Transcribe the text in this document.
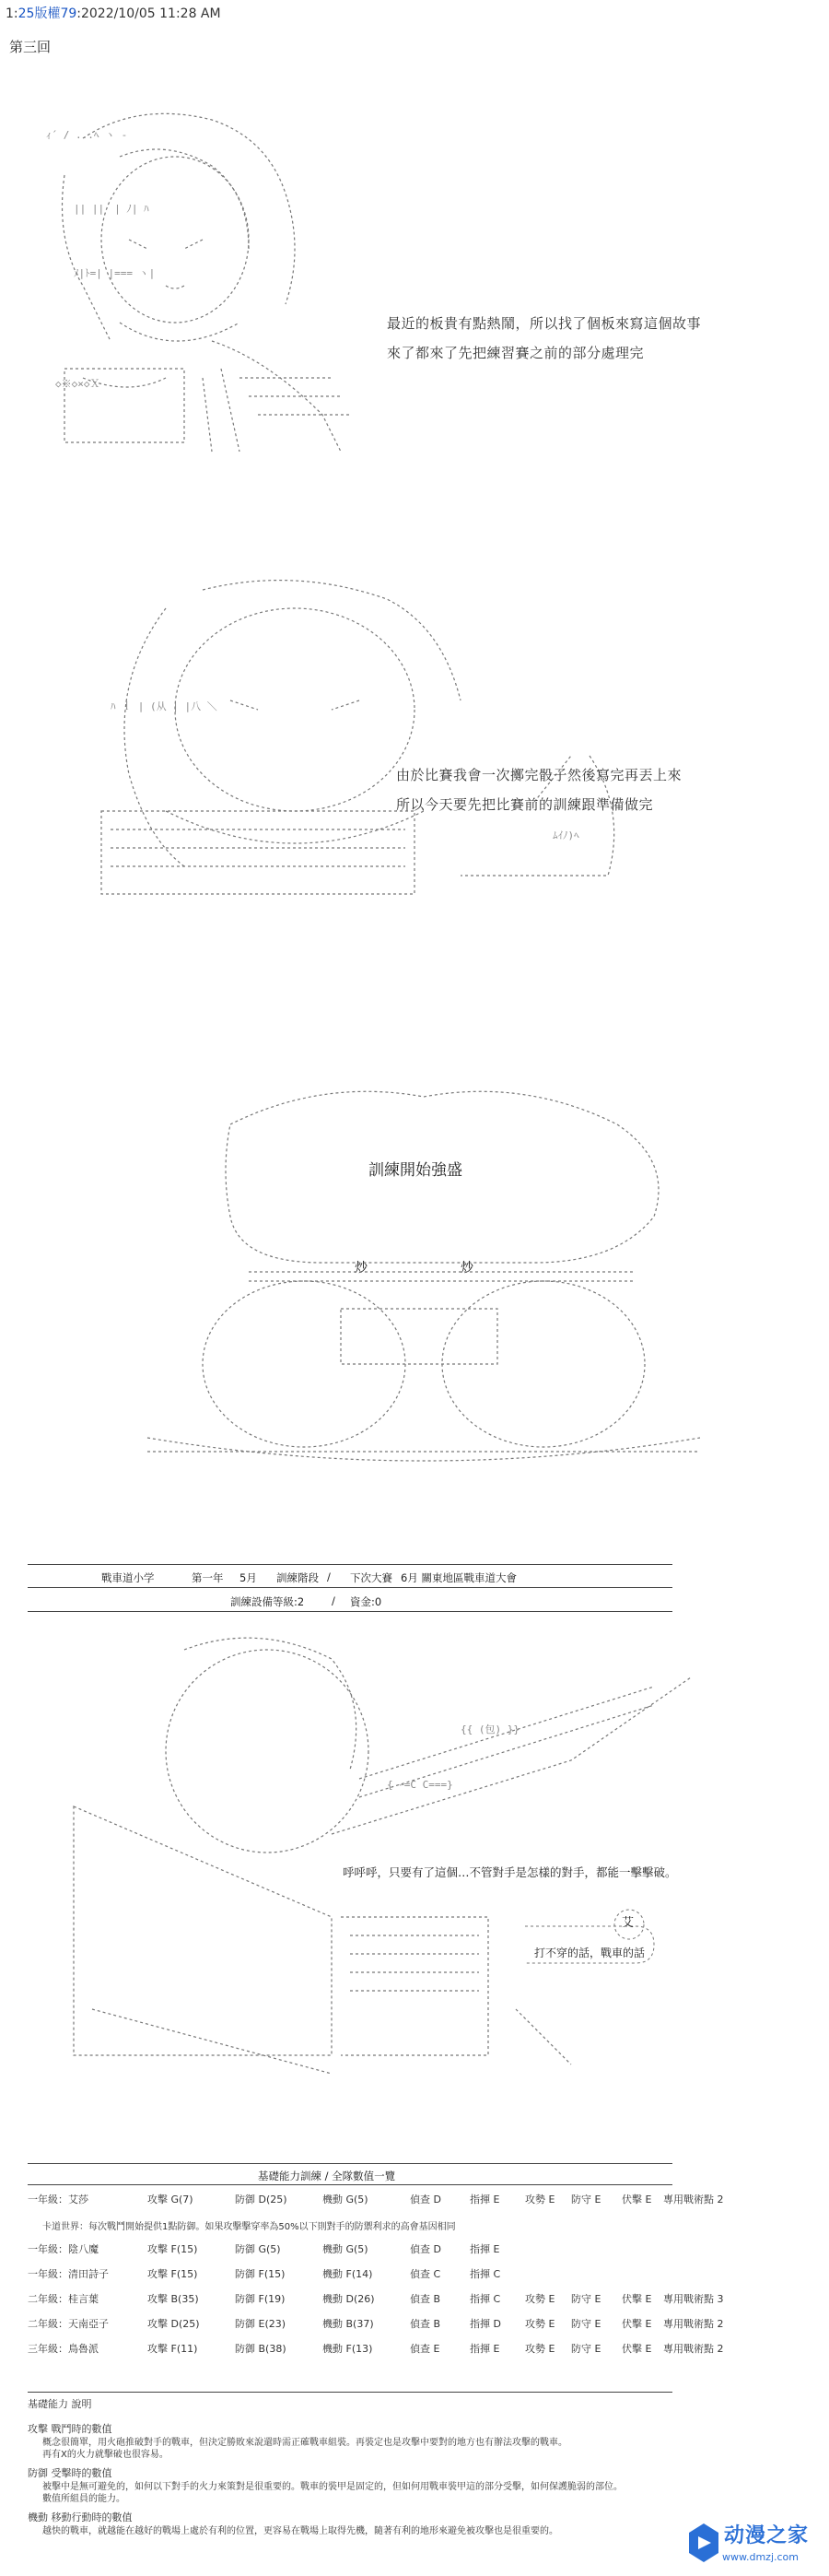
1:25版權79:2022/10/05 11:28 AM
第三回
ｨ´ / ...ﾍ ヽ ‐
|| ||　| ﾉ| ﾊ
ﾒ|ﾄ=| |=== ヽ|
◇※◇×◇Ｘ
最近的板貴有點熱鬧，所以找了個板來寫這個故事
來了都來了先把練習賽之前的部分處理完
ﾊ ｌ | (从 | |八 ＼
ﾑｲﾉ)ﾍ
由於比賽我會一次擲完骰子然後寫完再丟上來
所以今天要先把比賽前的訓練跟準備做完
訓練開始強盛
炒	炒
戰車道小学	第一年 5月 訓練階段 / 下次大賽 6月 關東地區戰車道大會
訓練設備等級:2	/ 資金:0
{ ｰ=C C===}
{{ (包) }}
呼呼呼，只要有了這個…不管對手是怎樣的對手，都能一擊擊破。
打不穿的話，戰車的話
艾
基礎能力訓練 / 全隊數值一覽
一年級：艾莎	攻擊 G(7)	防御 D(25)	機動 G(5)	偵查 D	指揮 E	攻勢 E 防守 E 伏擊 E 專用戰術點 2
卡道世界：每次戰鬥開始提供1點防御。如果攻擊擊穿率為50%以下則對手的防禦利求的高會基因相同
一年級：陰八魔	攻擊 F(15)	防御 G(5)	機動 G(5)	偵查 D	指揮 E
一年級：清田詩子	攻擊 F(15)	防御 F(15)	機動 F(14)	偵查 C	指揮 C
二年級：桂言葉	攻擊 B(35)	防御 F(19)	機動 D(26)	偵查 B	指揮 C 攻勢 E 防守 E 伏擊 E 專用戰術點 3
二年級：天南亞子	攻擊 D(25)	防御 E(23)	機動 B(37)	偵查 B	指揮 D 攻勢 E 防守 E 伏擊 E 專用戰術點 2
三年級：鳥魯派	攻擊 F(11)	防御 B(38)	機動 F(13)	偵查 E	指揮 E	攻勢 E 防守 E 伏擊 E 專用戰術點 2
基礎能力 說明
攻擊 戰鬥時的數值
概念很簡單，用火砲推破對手的戰車，但決定勝敗來說還時需正確戰車組裝。再裝定也是攻擊中要對的地方也有辦法攻擊的戰車。
再有X的火力就擊破也很容易。
防御 受擊時的數值
被擊中是無可避免的，如何以下對手的火力來策對是很重要的。戰車的裝甲是固定的，但如何用戰車裝甲這的部分受擊，如何保護脆弱的部位。
數值所組員的能力。
機動 移動行動時的數值
越快的戰車，就越能在越好的戰場上處於有利的位置，更容易在戰場上取得先機，隨著有利的地形來避免被攻擊也是很重要的。	动漫之家
www.dmzj.com
